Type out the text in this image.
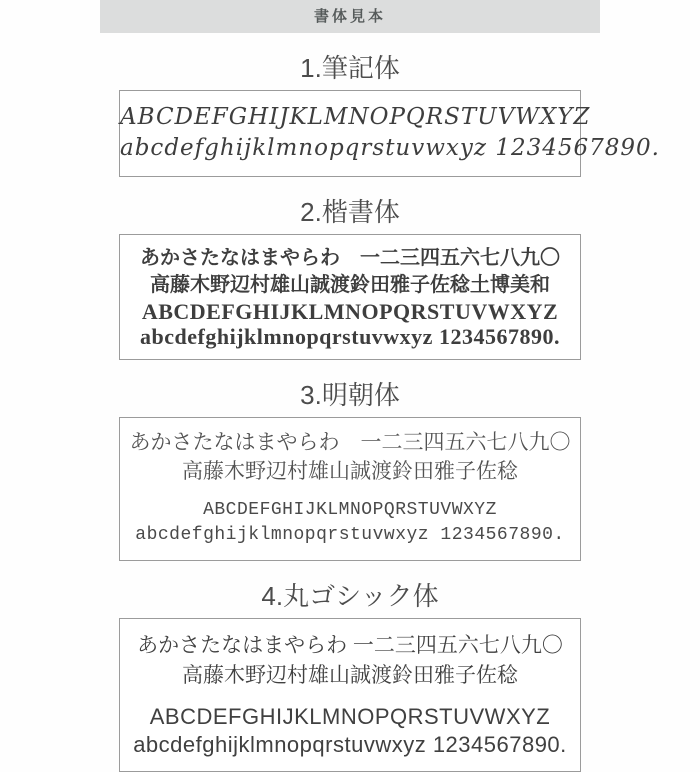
書体見本
1.筆記体
ABCDEFGHIJKLMNOPQRSTUVWXYZ
abcdefghijklmnopqrstuvwxyz 1234567890.
2.楷書体
あかさたなはまやらわ　一二三四五六七八九〇
高藤木野辺村雄山誠渡鈴田雅子佐稔土博美和
ABCDEFGHIJKLMNOPQRSTUVWXYZ
abcdefghijklmnopqrstuvwxyz 1234567890.
3.明朝体
あかさたなはまやらわ　一二三四五六七八九〇
高藤木野辺村雄山誠渡鈴田雅子佐稔
ABCDEFGHIJKLMNOPQRSTUVWXYZ
abcdefghijklmnopqrstuvwxyz 1234567890.
4.丸ゴシック体
あかさたなはまやらわ 一二三四五六七八九〇
高藤木野辺村雄山誠渡鈴田雅子佐稔
ABCDEFGHIJKLMNOPQRSTUVWXYZ
abcdefghijklmnopqrstuvwxyz 1234567890.
